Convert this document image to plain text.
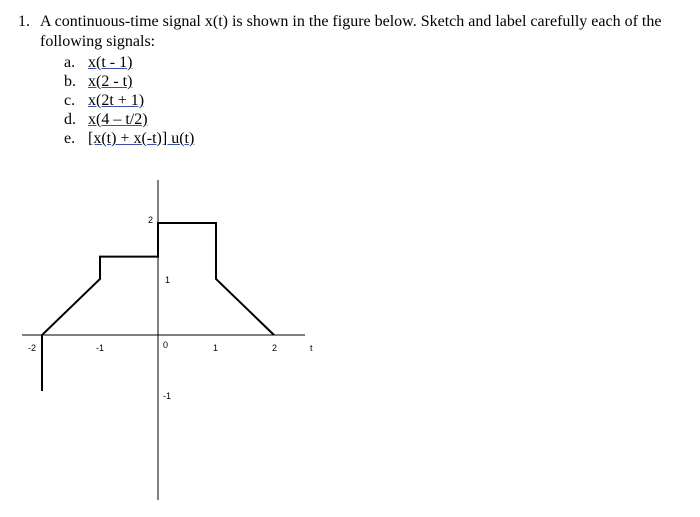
1. A continuous-time signal x(t) is shown in the figure below. Sketch and label carefully each of the following signals:
a. x(t - 1)
b. x(2 - t)
c. x(2t + 1)
d. x(4 – t/2)
e. [x(t) + x(-t)] u(t)
-2	-1	0	1	2	t
2
1
-1
